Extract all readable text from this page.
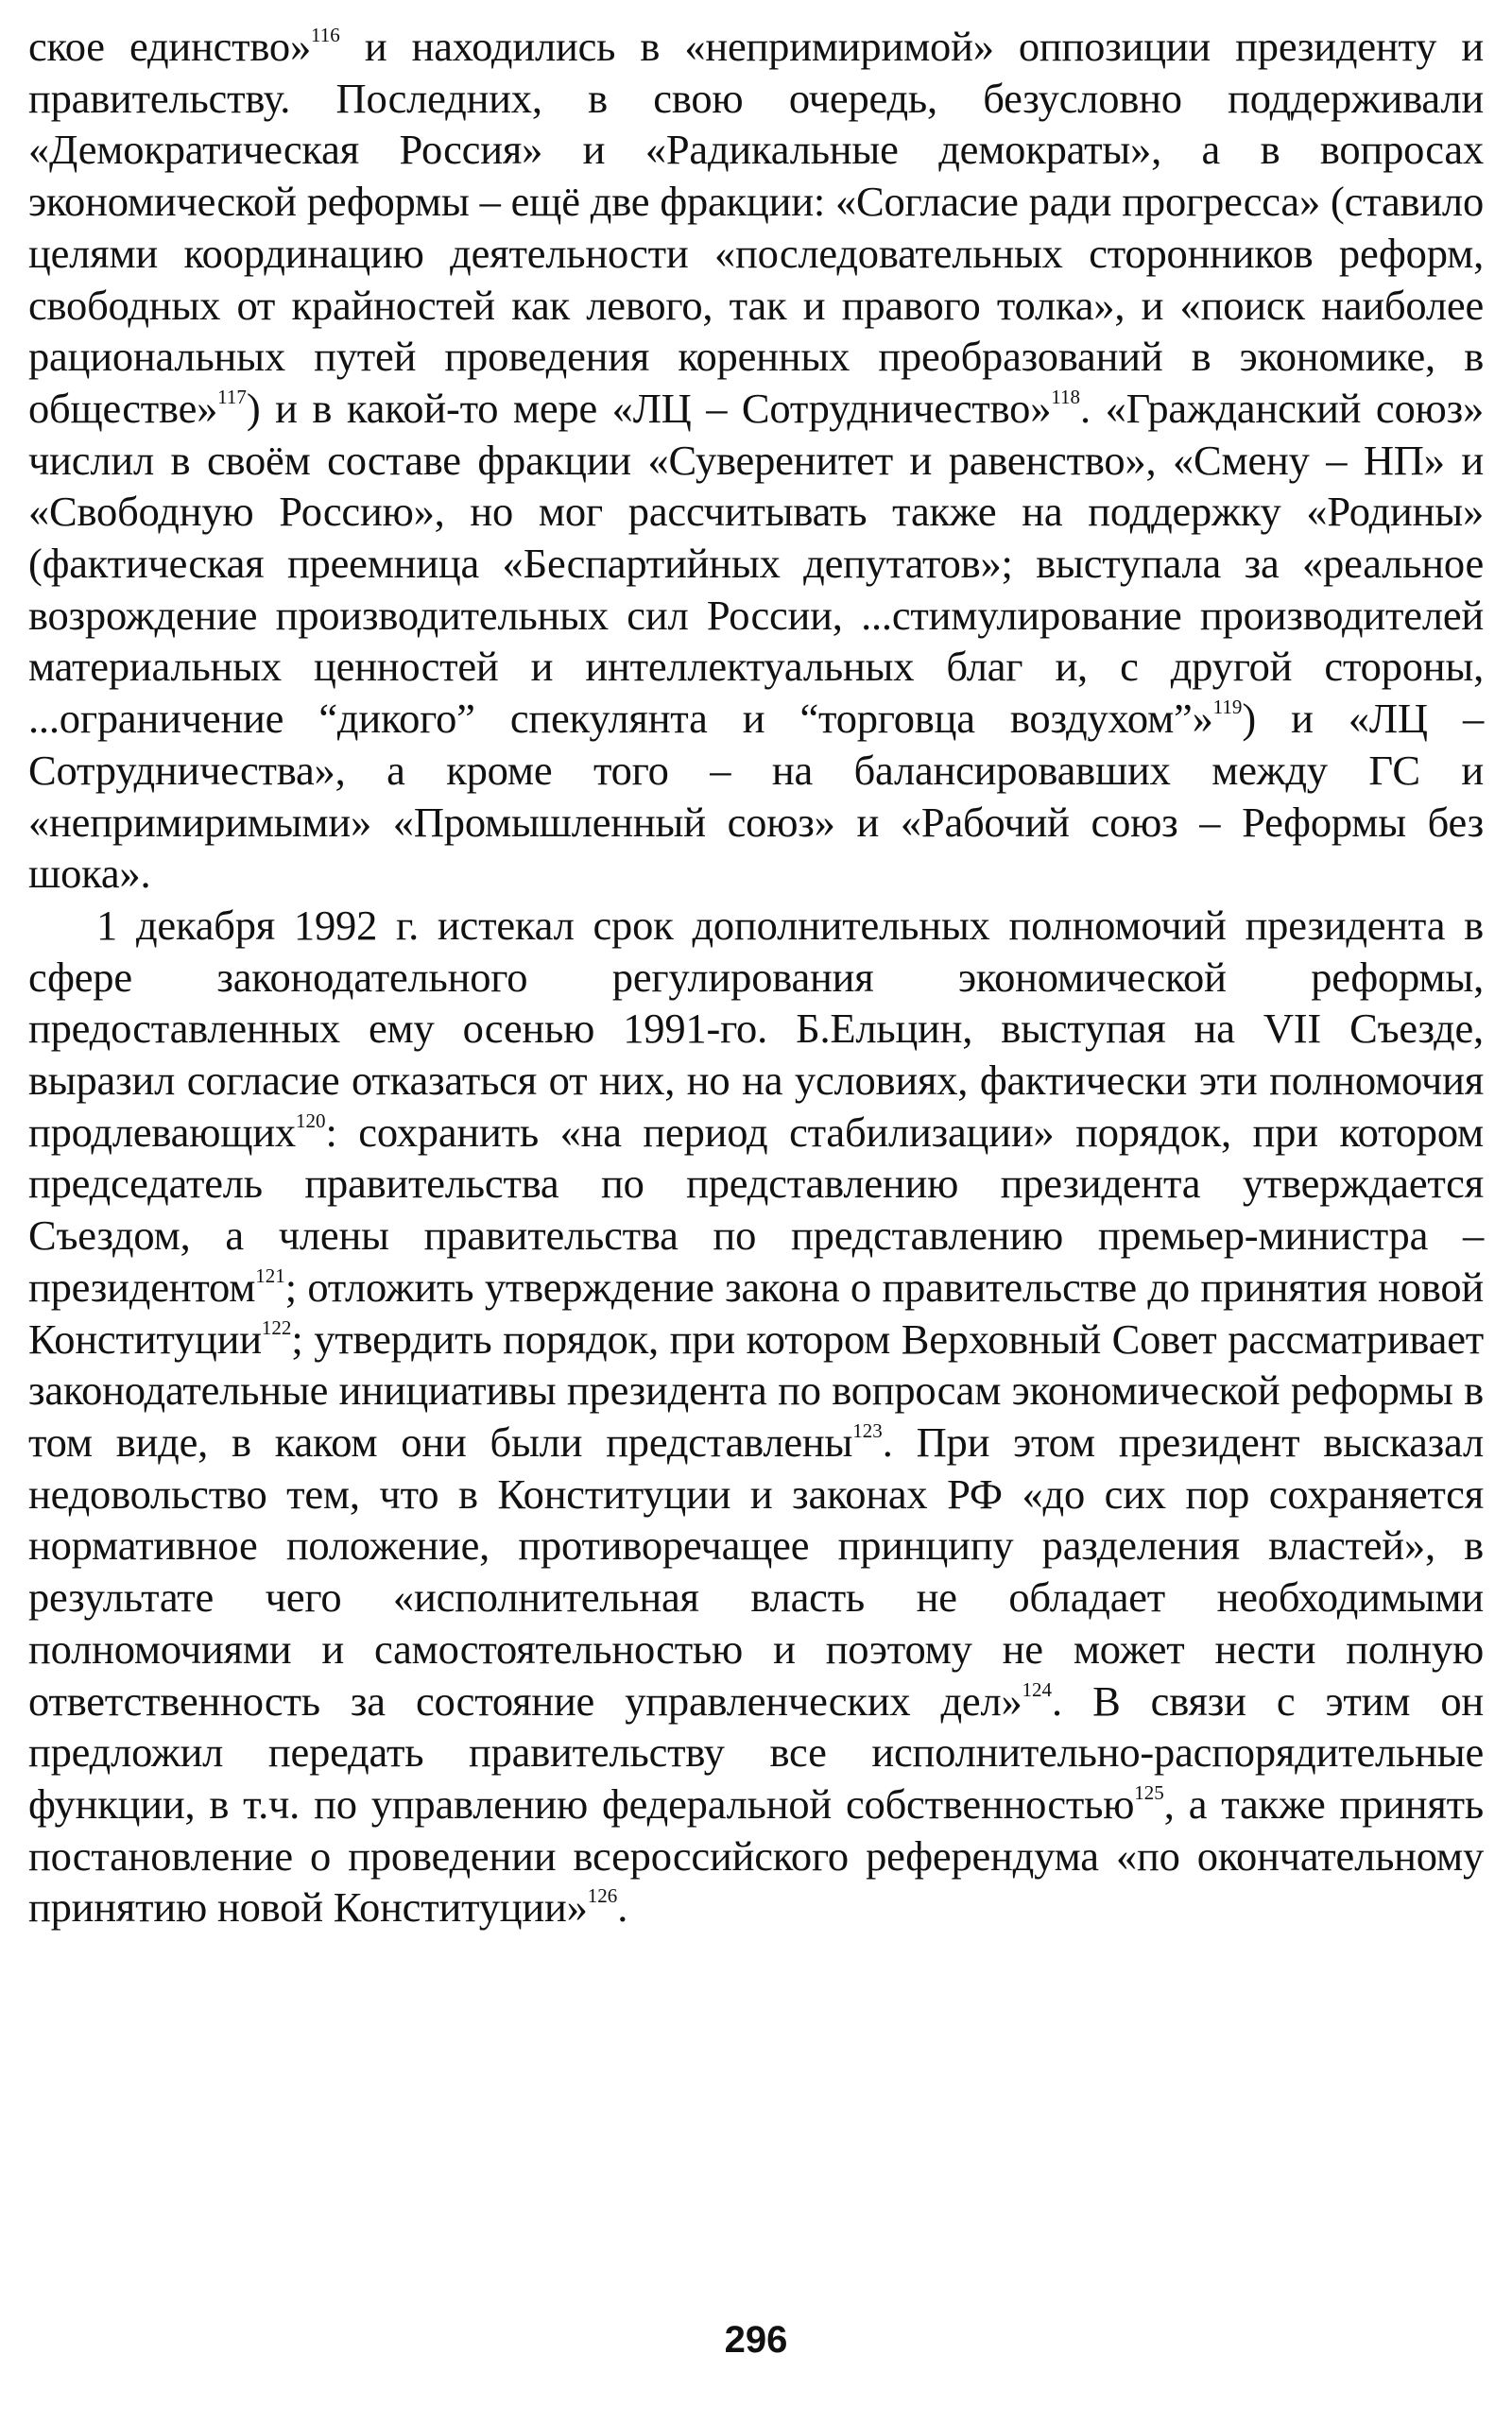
ское единство»$^{116}$ и находились в «непримиримой» оппозиции президенту и правительству. Последних, в свою очередь, безусловно поддерживали «Демократическая Россия» и «Радикальные демократы», а в вопросах экономической реформы – ещё две фракции: «Согласие ради прогресса» (ставило целями координацию деятельности «последовательных сторонников реформ, свободных от крайностей как левого, так и правого толка», и «поиск наиболее рациональных путей проведения коренных преобразований в экономике, в обществе»$^{117}$) и в какой-то мере «ЛЦ – Сотрудничество»$^{118}$. «Гражданский союз» числил в своём составе фракции «Суверенитет и равенство», «Смену – НП» и «Свободную Россию», но мог рассчитывать также на поддержку «Родины» (фактическая преемница «Беспартийных депутатов»; выступала за «реальное возрождение производительных сил России, ...стимулирование производителей материальных ценностей и интеллектуальных благ и, с другой стороны, ...ограничение “дикого” спекулянта и “торговца воздухом”»$^{119}$) и «ЛЦ – Сотрудничества», а кроме того – на балансировавших между ГС и «непримиримыми» «Промышленный союз» и «Рабочий союз – Реформы без шока».

1 декабря 1992 г. истекал срок дополнительных полномочий президента в сфере законодательного регулирования экономической реформы, предоставленных ему осенью 1991-го. Б.Ельцин, выступая на VII Съезде, выразил согласие отказаться от них, но на условиях, фактически эти полномочия продлевающих$^{120}$: сохранить «на период стабилизации» порядок, при котором председатель правительства по представлению президента утверждается Съездом, а члены правительства по представлению премьер-министра – президентом$^{121}$; отложить утверждение закона о правительстве до принятия новой Конституции$^{122}$; утвердить порядок, при котором Верховный Совет рассматривает законодательные инициативы президента по вопросам экономической реформы в том виде, в каком они были представлены$^{123}$. При этом президент высказал недовольство тем, что в Конституции и законах РФ «до сих пор сохраняется нормативное положение, противоречащее принципу разделения властей», в результате чего «исполнительная власть не обладает необходимыми полномочиями и самостоятельностью и поэтому не может нести полную ответственность за состояние управленческих дел»$^{124}$. В связи с этим он предложил передать правительству все исполнительно-распорядительные функции, в т.ч. по управлению федеральной собственностью$^{125}$, а также принять постановление о проведении всероссийского референдума «по окончательному принятию новой Конституции»$^{126}$.

296
